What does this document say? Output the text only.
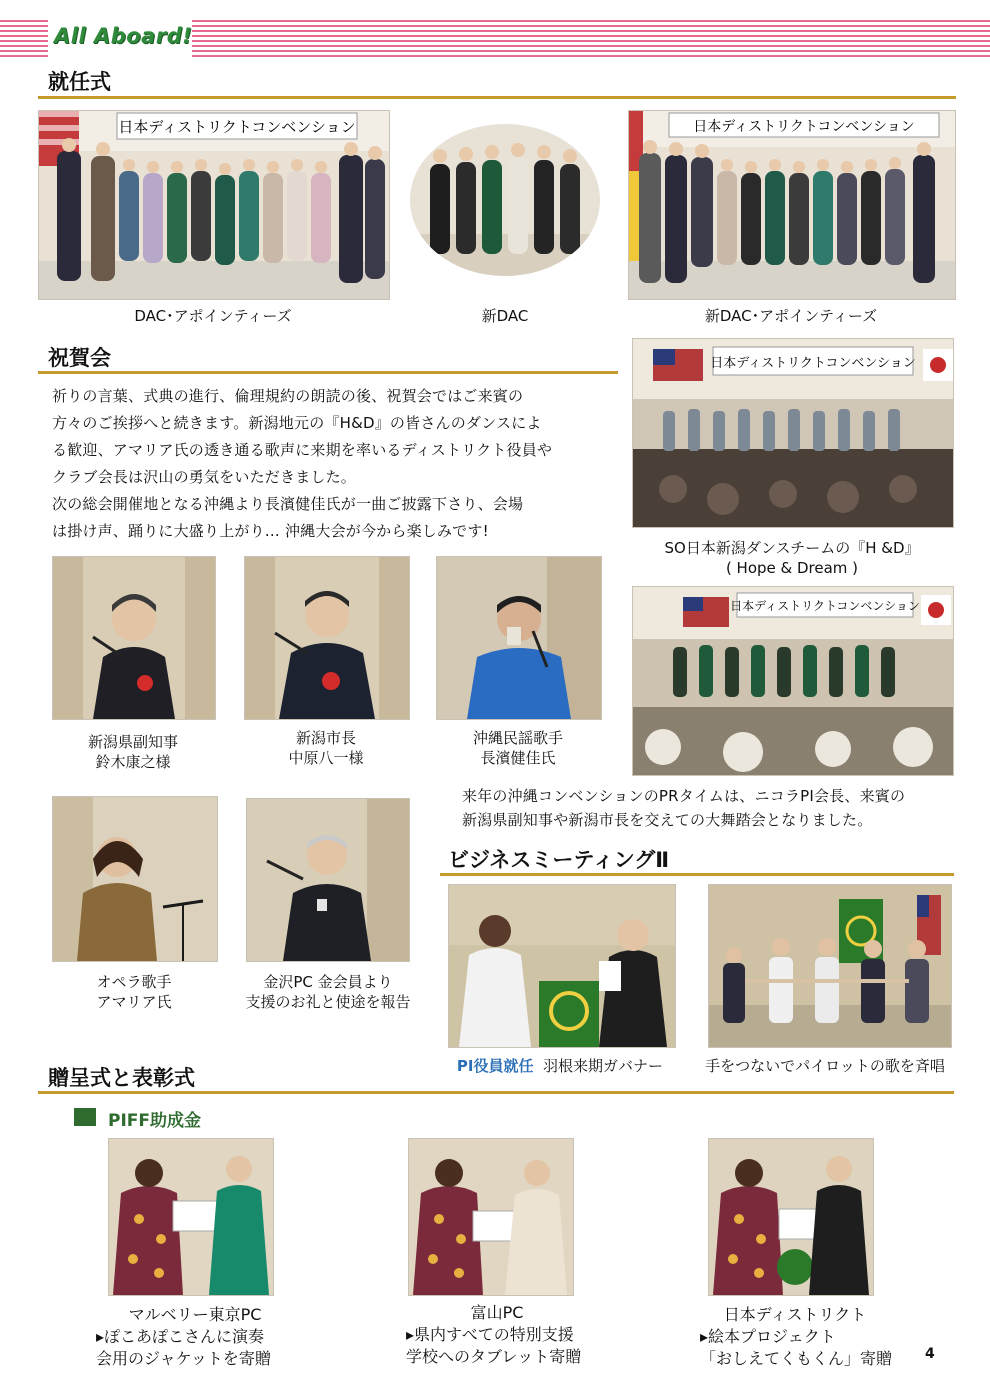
All Aboard!
就任式
日本ディストリクトコンベンション
DAC･アポインティーズ	新DAC
日本ディストリクトコンベンション
新DAC･アポインティーズ
祝賀会
祈りの言葉、式典の進行、倫理規約の朗読の後、祝賀会ではご来賓の
方々のご挨拶へと続きます。新潟地元の『H&D』の皆さんのダンスによ
る歓迎、アマリア氏の透き通る歌声に来期を率いるディストリクト役員や
クラブ会長は沢山の勇気をいただきました。
次の総会開催地となる沖縄より長濱健佳氏が一曲ご披露下さり、会場
は掛け声、踊りに大盛り上がり… 沖縄大会が今から楽しみです!
日本ディストリクトコンベンション
SO日本新潟ダンスチームの『H &D』
( Hope & Dream )
新潟県副知事
鈴木康之様
新潟市長
中原八一様
沖縄民謡歌手
長濱健佳氏
日本ディストリクトコンベンション
来年の沖縄コンベンションのPRタイムは、ニコラPI会長、来賓の
新潟県副知事や新潟市長を交えての大舞踏会となりました。
オペラ歌手
アマリア氏
金沢PC 金会員より
支援のお礼と使途を報告
ビジネスミーティングⅡ
PI役員就任 羽根来期ガバナー	手をつないでパイロットの歌を斉唱
贈呈式と表彰式
PIFF助成金
マルベリー東京PC
▸ぽこあぽこさんに演奏
会用のジャケットを寄贈
富山PC
▸県内すべての特別支援
学校へのタブレット寄贈
日本ディストリクト
▸絵本プロジェクト
「おしえてくもくん」寄贈	4
